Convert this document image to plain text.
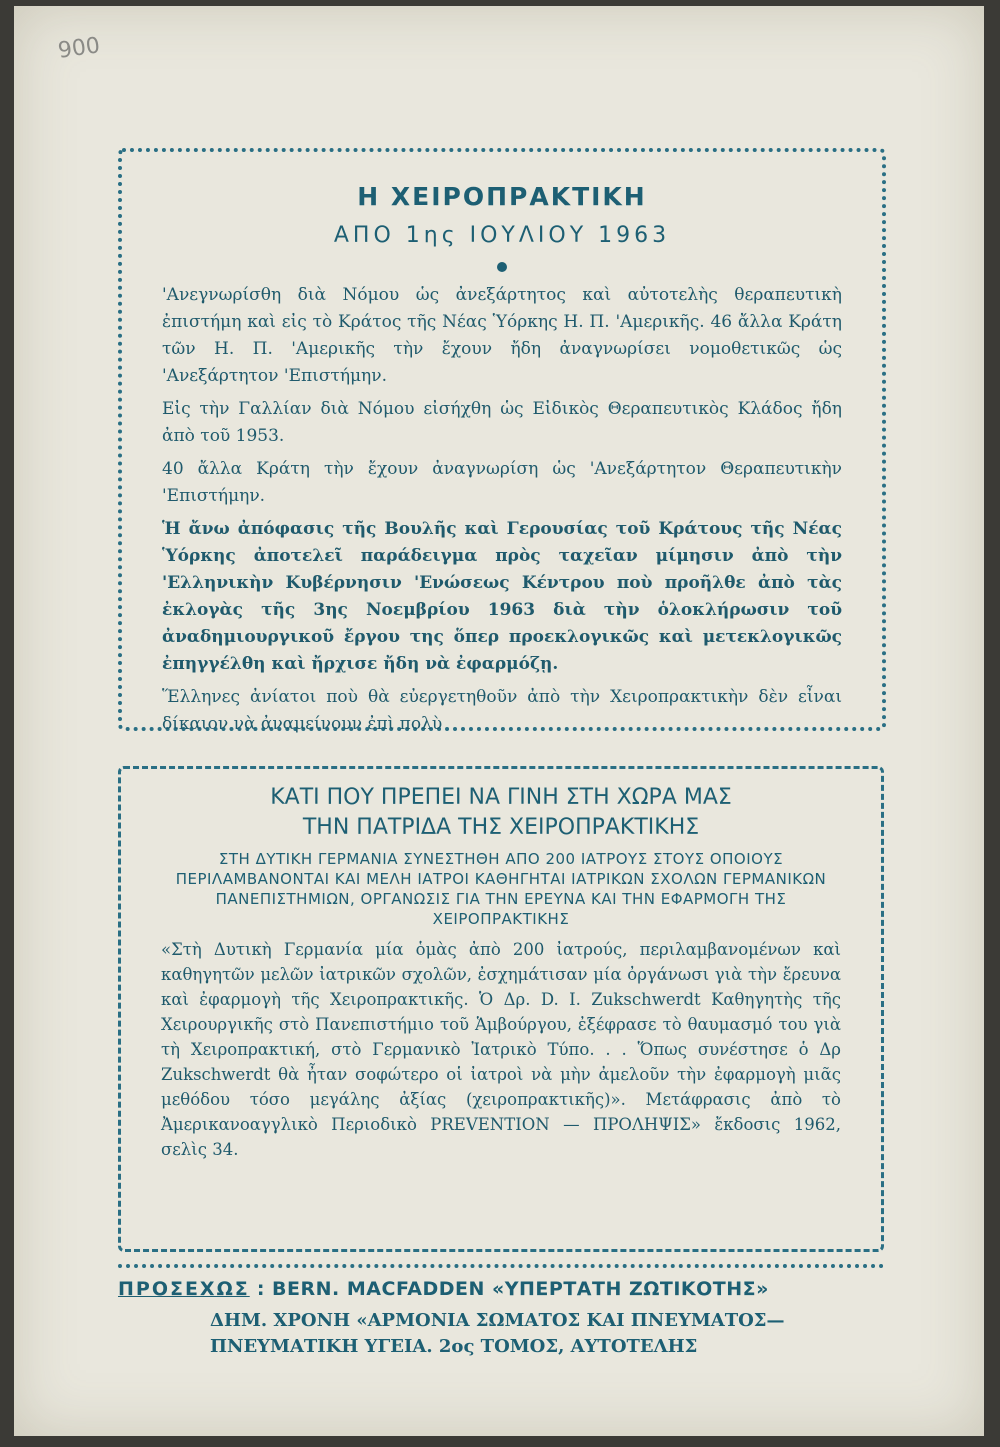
900
Η ΧΕΙΡΟΠΡΑΚΤΙΚΗ
ΑΠΟ 1ης ΙΟΥΛΙΟΥ 1963

'Ανεγνωρίσθη διὰ Νόμου ὡς ἀνεξάρτητος καὶ αὐτοτελὴς θεραπευτικὴ ἐπιστήμη καὶ εἰς τὸ Κράτος τῆς Νέας Ὑόρκης Η. Π. 'Αμερικῆς. 46 ἄλλα Κράτη τῶν Η. Π. 'Αμερικῆς τὴν ἔχουν ἤδη ἀναγνωρίσει νομοθετικῶς ὡς 'Ανεξάρτητον 'Επιστήμην.

Εἰς τὴν Γαλλίαν διὰ Νόμου εἰσήχθη ὡς Εἰδικὸς Θεραπευτικὸς Κλάδος ἤδη ἀπὸ τοῦ 1953.

40 ἄλλα Κράτη τὴν ἔχουν ἀναγνωρίση ὡς 'Ανεξάρτητον Θεραπευτικὴν 'Επιστήμην.

Ἡ ἄνω ἀπόφασις τῆς Βουλῆς καὶ Γερουσίας τοῦ Κράτους τῆς Νέας Ὑόρκης ἀποτελεῖ παράδειγμα πρὸς ταχεῖαν μίμησιν ἀπὸ τὴν 'Ελληνικὴν Κυβέρνησιν 'Ενώσεως Κέντρου ποὺ προῆλθε ἀπὸ τὰς ἐκλογὰς τῆς 3ης Νοεμβρίου 1963 διὰ τὴν ὁλοκλήρωσιν τοῦ ἀναδημιουργικοῦ ἔργου της ὅπερ προεκλογικῶς καὶ μετεκλογικῶς ἐπηγγέλθη καὶ ἤρχισε ἤδη νὰ ἐφαρμόζῃ.

Ἕλληνες ἀνίατοι ποὺ θὰ εὐεργετηθοῦν ἀπὸ τὴν Χειροπρακτικὴν δὲν εἶναι δίκαιον νὰ ἀναμείνουν ἐπὶ πολὺ

ΚΑΤΙ ΠΟΥ ΠΡΕΠΕΙ ΝΑ ΓΙΝΗ ΣΤΗ ΧΩΡΑ ΜΑΣ
ΤΗΝ ΠΑΤΡΙΔΑ ΤΗΣ ΧΕΙΡΟΠΡΑΚΤΙΚΗΣ
ΣΤΗ ΔΥΤΙΚΗ ΓΕΡΜΑΝΙΑ ΣΥΝΕΣΤΗΘΗ ΑΠΟ 200 ΙΑΤΡΟΥΣ ΣΤΟΥΣ ΟΠΟΙΟΥΣ ΠΕΡΙΛΑΜΒΑΝΟΝΤΑΙ ΚΑΙ ΜΕΛΗ ΙΑΤΡΟΙ ΚΑΘΗΓΗΤΑΙ ΙΑΤΡΙΚΩΝ ΣΧΟΛΩΝ ΓΕΡΜΑΝΙΚΩΝ ΠΑΝΕΠΙΣΤΗΜΙΩΝ, ΟΡΓΑΝΩΣΙΣ ΓΙΑ ΤΗΝ ΕΡΕΥΝΑ ΚΑΙ ΤΗΝ ΕΦΑΡΜΟΓΗ ΤΗΣ ΧΕΙΡΟΠΡΑΚΤΙΚΗΣ
«Στὴ Δυτικὴ Γερμανία μία ὁμὰς ἀπὸ 200 ἰατρούς, περιλαμβανομένων καὶ καθηγητῶν μελῶν ἰατρικῶν σχολῶν, ἐσχημάτισαν μία ὀργάνωσι γιὰ τὴν ἔρευνα καὶ ἐφαρμογὴ τῆς Χειροπρακτικῆς. Ὁ Δρ. D. I. Zukschwerdt Καθηγητὴς τῆς Χειρουργικῆς στὸ Πανεπιστήμιο τοῦ Ἁμβούργου, ἐξέφρασε τὸ θαυμασμό του γιὰ τὴ Χειροπρακτική, στὸ Γερμανικὸ Ἰατρικὸ Τύπο. . . Ὅπως συνέστησε ὁ Δρ Zukschwerdt θὰ ἦταν σοφώτερο οἱ ἰατροὶ νὰ μὴν ἀμελοῦν τὴν ἐφαρμογὴ μιᾶς μεθόδου τόσο μεγάλης ἀξίας (χειροπρακτικῆς)». Μετάφρασις ἀπὸ τὸ Ἀμερικανοαγγλικὸ Περιοδικὸ PREVENTION — ΠΡΟΛΗΨΙΣ» ἔκδοσις 1962, σελὶς 34.
ΠΡΟΣΕΧΩΣ : BERN. MACFADDEN «ΥΠΕΡΤΑΤΗ ΖΩΤΙΚΟΤΗΣ»
ΔΗΜ. ΧΡΟΝΗ «ΑΡΜΟΝΙΑ ΣΩΜΑΤΟΣ ΚΑΙ ΠΝΕΥΜΑΤΟΣ—
ΠΝΕΥΜΑΤΙΚΗ ΥΓΕΙΑ. 2ος ΤΟΜΟΣ, ΑΥΤΟΤΕΛΗΣ
